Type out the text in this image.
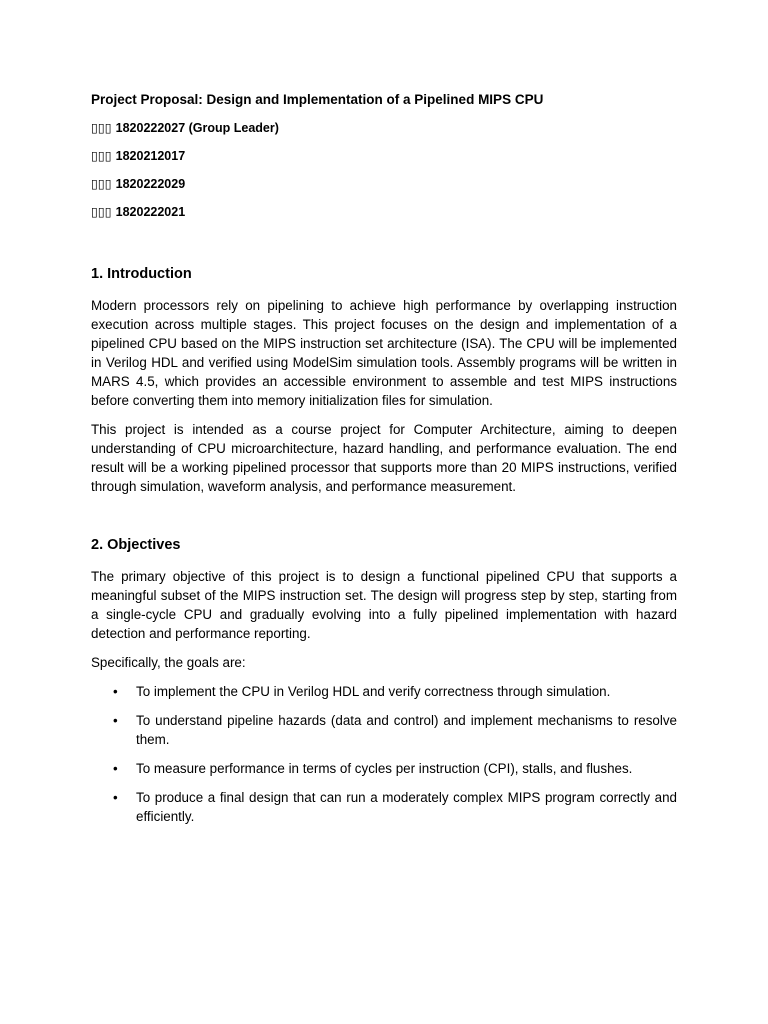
Project Proposal: Design and Implementation of a Pipelined MIPS CPU
▯▯▯ 1820222027 (Group Leader)
▯▯▯ 1820212017
▯▯▯ 1820222029
▯▯▯ 1820222021
1. Introduction

Modern processors rely on pipelining to achieve high performance by overlapping instruction execution across multiple stages. This project focuses on the design and implementation of a pipelined CPU based on the MIPS instruction set architecture (ISA). The CPU will be implemented in Verilog HDL and verified using ModelSim simulation tools. Assembly programs will be written in MARS 4.5, which provides an accessible environment to assemble and test MIPS instructions before converting them into memory initialization files for simulation.

This project is intended as a course project for Computer Architecture, aiming to deepen understanding of CPU microarchitecture, hazard handling, and performance evaluation. The end result will be a working pipelined processor that supports more than 20 MIPS instructions, verified through simulation, waveform analysis, and performance measurement.

2. Objectives

The primary objective of this project is to design a functional pipelined CPU that supports a meaningful subset of the MIPS instruction set. The design will progress step by step, starting from a single-cycle CPU and gradually evolving into a fully pipelined implementation with hazard detection and performance reporting.

Specifically, the goals are:

• To implement the CPU in Verilog HDL and verify correctness through simulation.
• To understand pipeline hazards (data and control) and implement mechanisms to resolve them.
• To measure performance in terms of cycles per instruction (CPI), stalls, and flushes.
• To produce a final design that can run a moderately complex MIPS program correctly and efficiently.
